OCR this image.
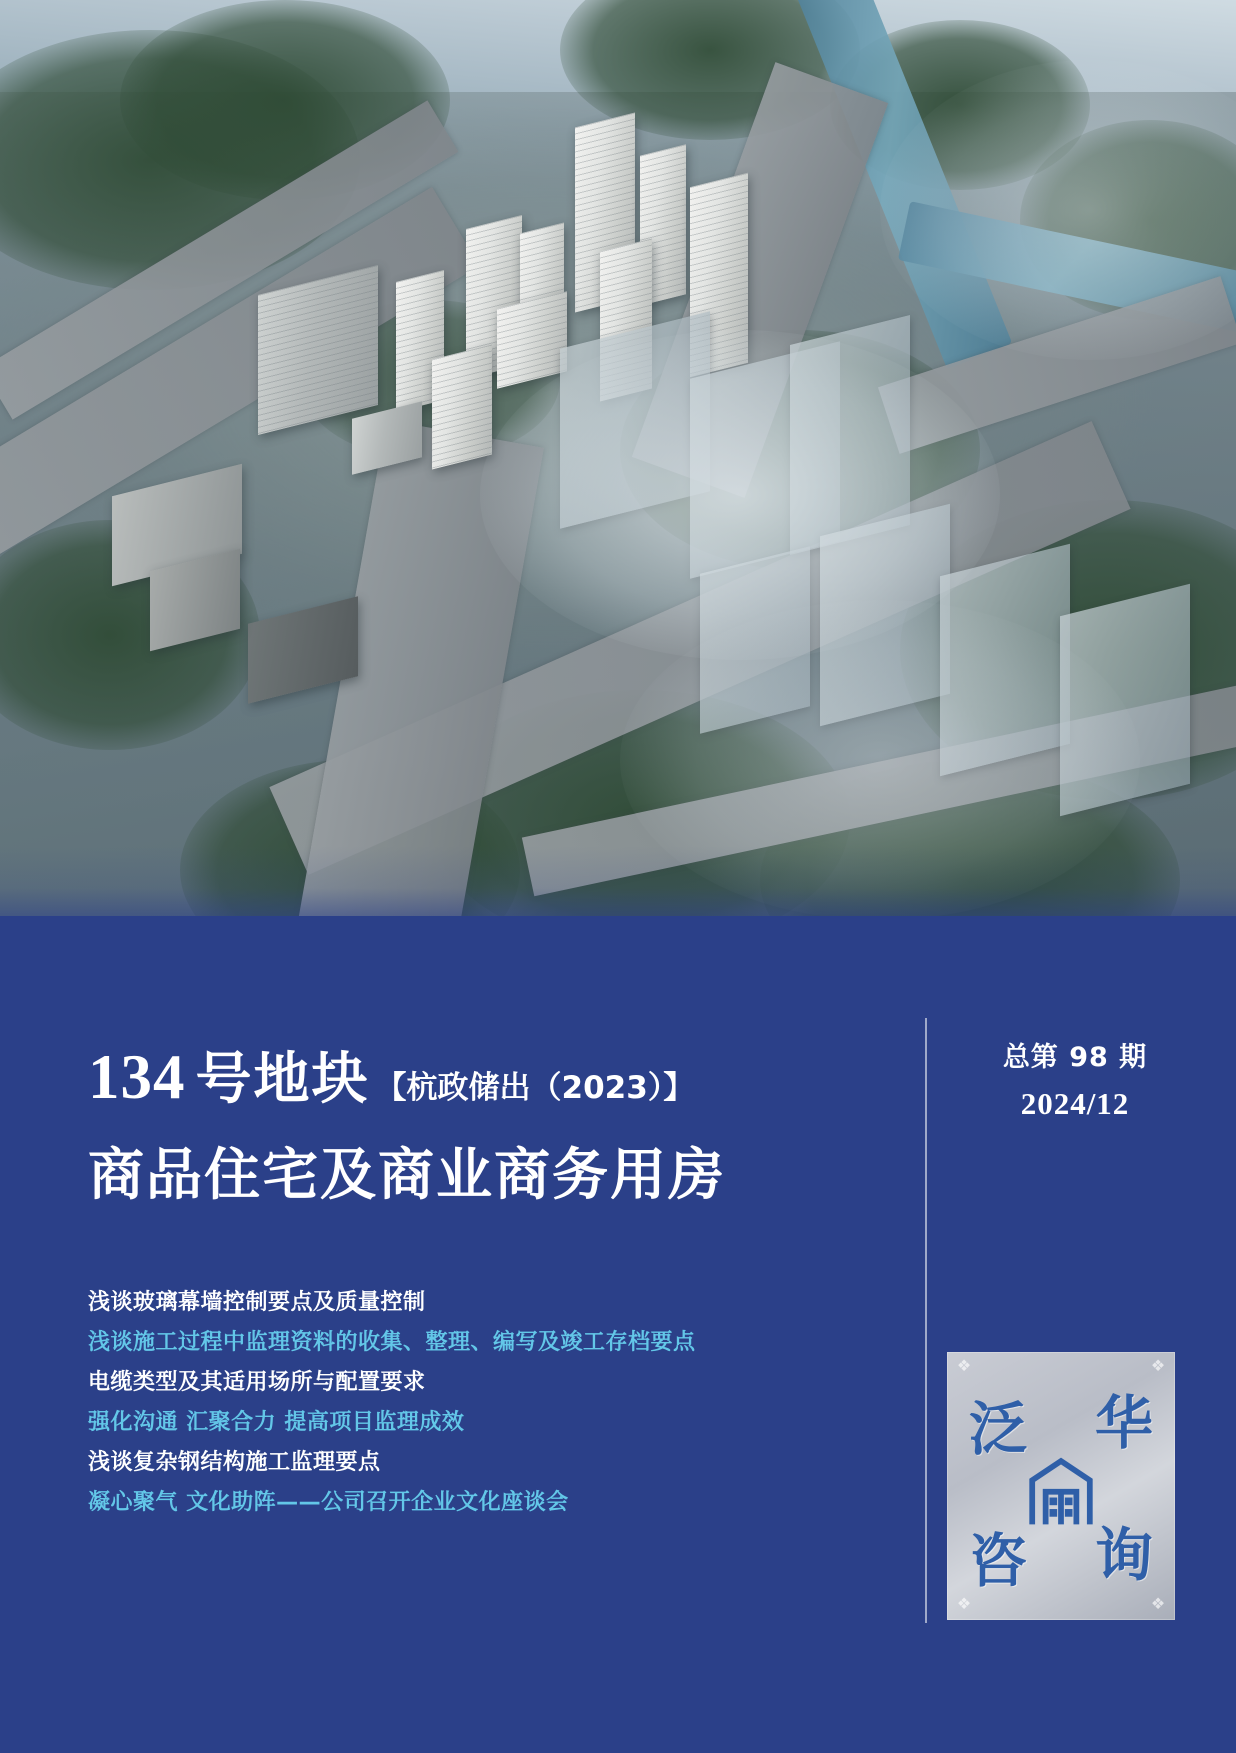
134 号地块 【杭政储出（2023）】
商品住宅及商业商务用房
总第 98 期
2024/12
浅谈玻璃幕墙控制要点及质量控制
浅谈施工过程中监理资料的收集、整理、编写及竣工存档要点
电缆类型及其适用场所与配置要求
强化沟通 汇聚合力 提高项目监理成效
浅谈复杂钢结构施工监理要点
凝心聚气 文化助阵——公司召开企业文化座谈会
❖	❖
❖	❖
泛 华
咨 询
